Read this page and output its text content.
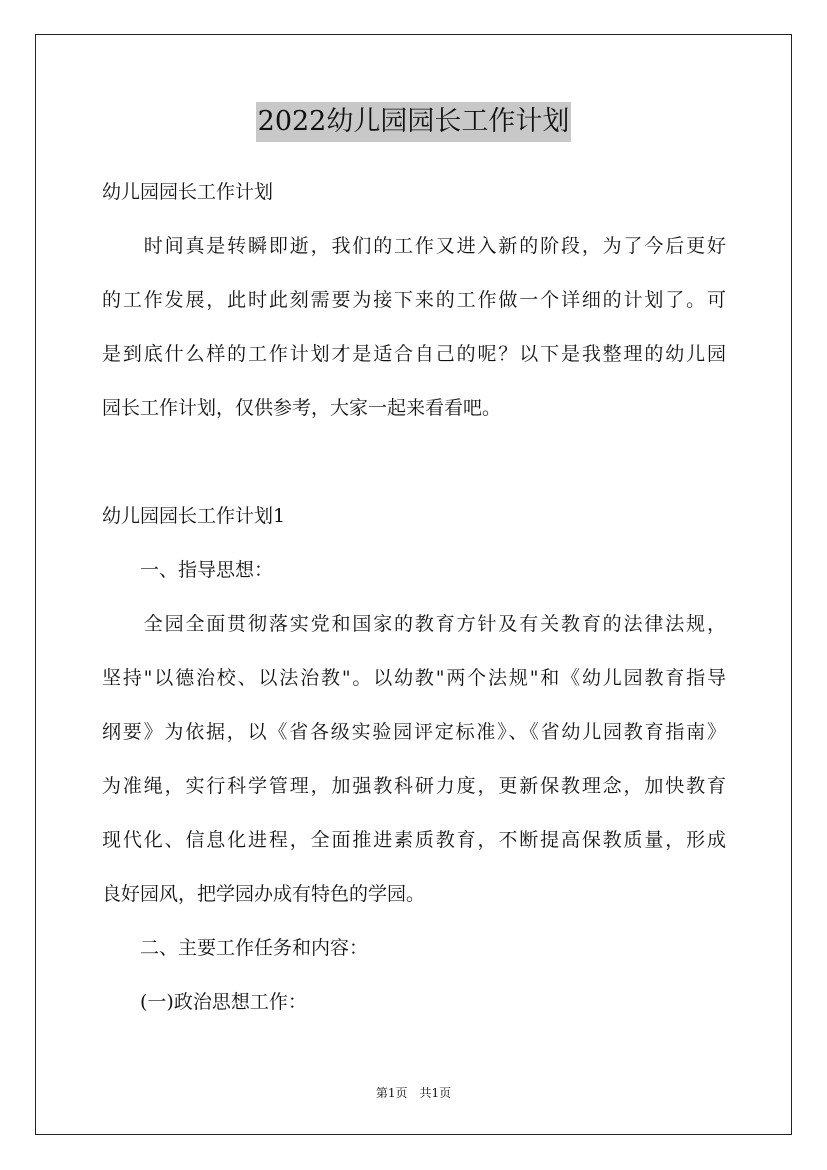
2022幼儿园园长工作计划
幼儿园园长工作计划
　　时间真是转瞬即逝，我们的工作又进入新的阶段，为了今后更好
的工作发展，此时此刻需要为接下来的工作做一个详细的计划了。可
是到底什么样的工作计划才是适合自己的呢？以下是我整理的幼儿园
园长工作计划，仅供参考，大家一起来看看吧。
幼儿园园长工作计划1
　　一、指导思想：
　　全园全面贯彻落实党和国家的教育方针及有关教育的法律法规，
坚持"以德治校、以法治教"。以幼教"两个法规"和《幼儿园教育指导
纲要》为依据，以《省各级实验园评定标准》、《省幼儿园教育指南》
为准绳，实行科学管理，加强教科研力度，更新保教理念，加快教育
现代化、信息化进程，全面推进素质教育，不断提高保教质量，形成
良好园风，把学园办成有特色的学园。
　　二、主要工作任务和内容：
　　(一)政治思想工作：
第1页　共1页
